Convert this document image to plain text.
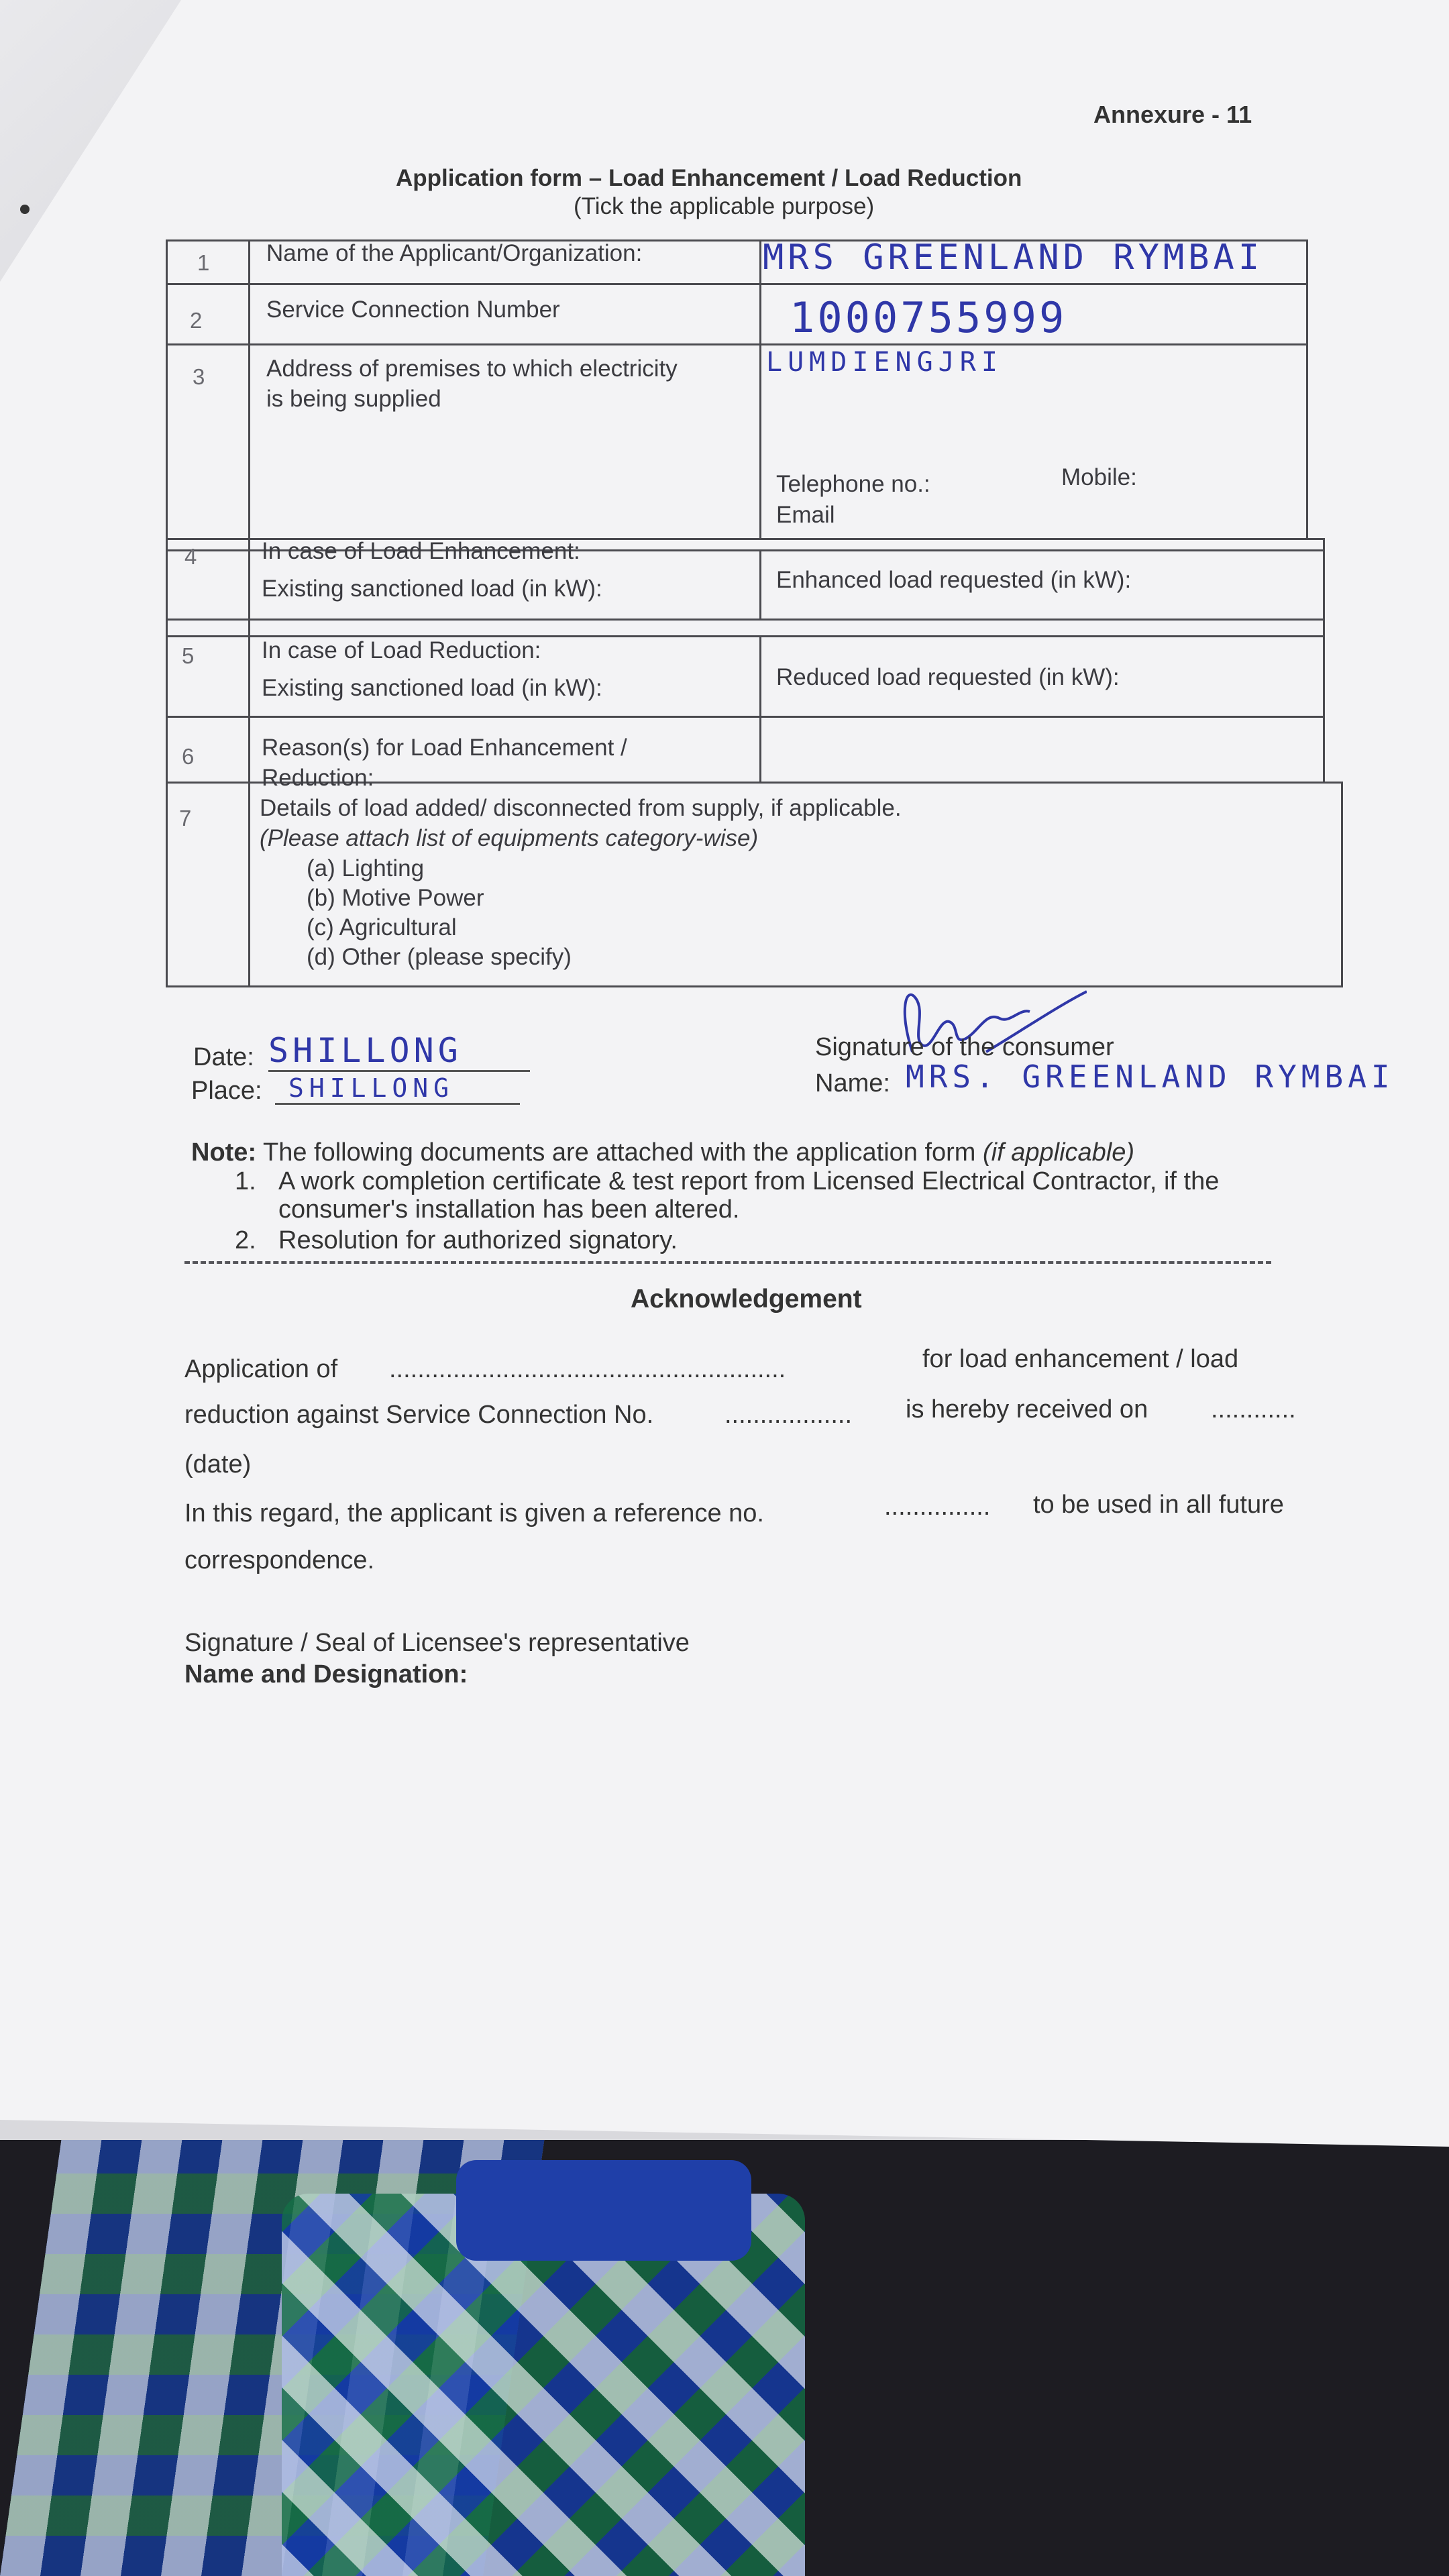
Annexure - 11
Application form – Load Enhancement / Load Reduction
(Tick the applicable purpose)
1 Name of the Applicant/Organization:	MRS GREENLAND RYMBAI
2	Service Connection Number	1000755999
3	Address of premises to which electricity
is being supplied
LUMDIENGJRI
Telephone no.:	Mobile:
Email
4	In case of Load Enhancement:
Existing sanctioned load (in kW):	Enhanced load requested (in kW):
5	In case of Load Reduction:
Existing sanctioned load (in kW):	Reduced load requested (in kW):
6	Reason(s) for Load Enhancement /
Reduction:
7	Details of load added/ disconnected from supply, if applicable.
(Please attach list of equipments category-wise)
(a) Lighting
(b) Motive Power
(c) Agricultural
(d) Other (please specify)
Date: SHILLONG
Place:	SHILLONG
Signature of the consumer
Name: MRS. GREENLAND RYMBAI
Note: The following documents are attached with the application form (if applicable)
1. A work completion certificate & test report from Licensed Electrical Contractor, if the
consumer's installation has been altered.
2. Resolution for authorized signatory.
Acknowledgement
Application of ........................................................	for load enhancement / load
reduction against Service Connection No.	.................. is hereby received on ............
(date)
In this regard, the applicant is given a reference no.	............... to be used in all future
correspondence.
Signature / Seal of Licensee's representative
Name and Designation:
